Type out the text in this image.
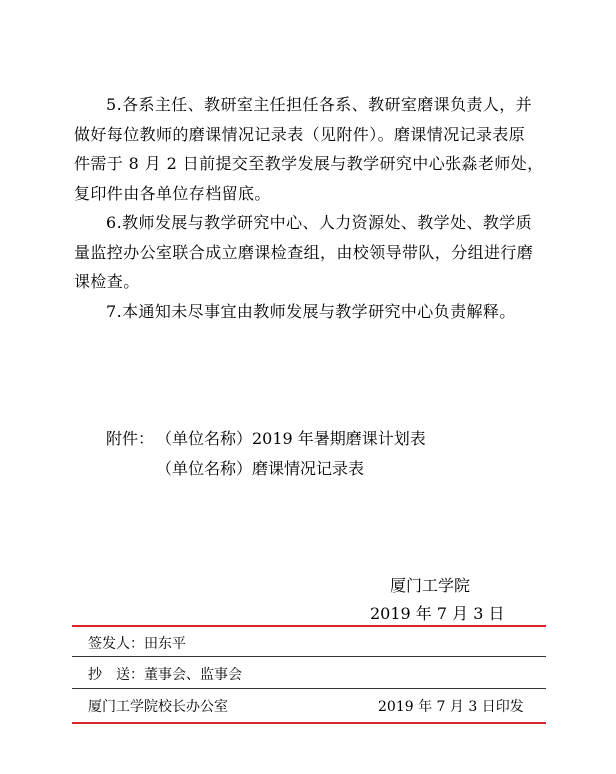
5.各系主任、教研室主任担任各系、教研室磨课负责人，并
做好每位教师的磨课情况记录表（见附件）。磨课情况记录表原
件需于 8 月 2 日前提交至教学发展与教学研究中心张淼老师处，
复印件由各单位存档留底。
6.教师发展与教学研究中心、人力资源处、教学处、教学质
量监控办公室联合成立磨课检查组，由校领导带队，分组进行磨
课检查。
7.本通知未尽事宜由教师发展与教学研究中心负责解释。
附件： （单位名称）2019 年暑期磨课计划表
（单位名称）磨课情况记录表
厦门工学院
2019 年 7 月 3 日
签发人：田东平
抄　送：董事会、监事会
厦门工学院校长办公室	2019 年 7 月 3 日印发
